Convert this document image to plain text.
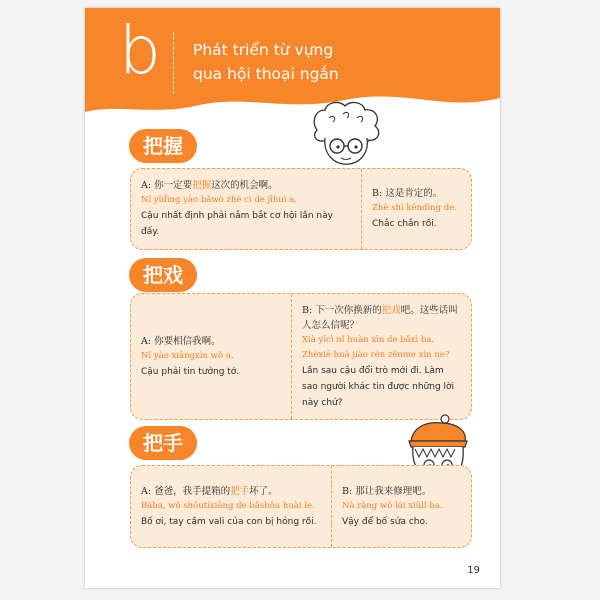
b Phát triển từ vựng
qua hội thoại ngắn
把握
A: 你一定要把握这次的机会啊。
Nǐ yīdìng yào bǎwò zhè cì de jīhuì a.
Cậu nhất định phải nắm bắt cơ hội lần này đấy.
B: 这是肯定的。
Zhè shì kěndìng de.
Chắc chắn rồi.
把戏
A: 你要相信我啊。
Nǐ yào xiāngxìn wǒ a.
Cậu phải tin tưởng tớ.
B: 下一次你换新的把戏吧。这些话叫人怎么信呢？
Xià yīcì nǐ huàn xīn de bǎxì ba. Zhèxiē huà jiào rén zěnme xìn ne?
Lần sau cậu đổi trò mới đi. Làm sao người khác tin được những lời này chứ?
把手
A: 爸爸，我手提箱的把手坏了。
Bàba, wǒ shǒutíxiāng de bǎshǒu huài le.
Bố ơi, tay cầm vali của con bị hỏng rồi.
B: 那让我来修理吧。
Nà ràng wǒ lái xiūlǐ ba.
Vậy để bố sửa cho.
19
